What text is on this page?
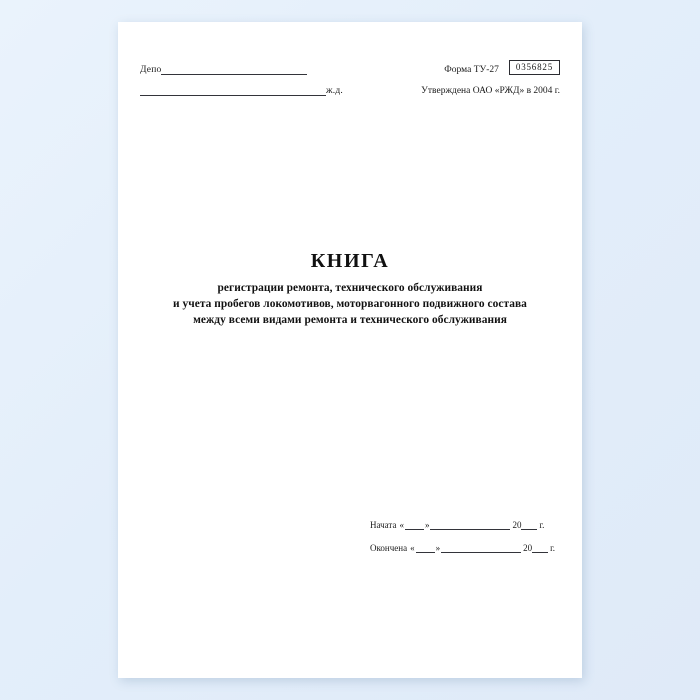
Депо	Форма ТУ-27	0356825
ж.д.	Утверждена ОАО «РЖД» в 2004 г.
КНИГА
регистрации ремонта, технического обслуживания
и учета пробегов локомотивов, моторвагонного подвижного состава
между всеми видами ремонта и технического обслуживания
Начата « »	20 г.
Окончена « »	20 г.
